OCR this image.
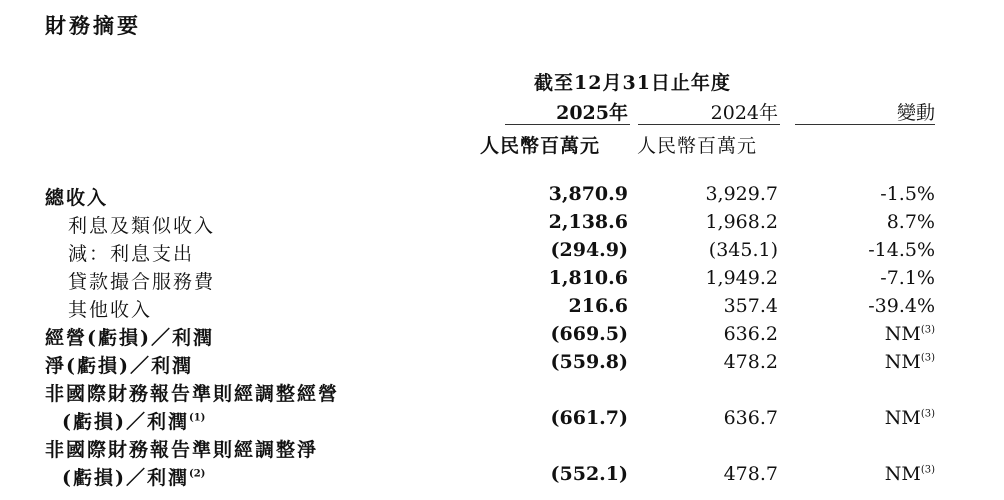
財務摘要
截至12月31日止年度
2025年	2024年	變動
人民幣百萬元 人民幣百萬元
總收入	3,870.9	3,929.7	-1.5%
利息及類似收入	2,138.6	1,968.2	8.7%
減：利息支出	(294.9)	(345.1)	-14.5%
貸款撮合服務費	1,810.6	1,949.2	-7.1%
其他收入	216.6	357.4	-39.4%
經營(虧損)／利潤	(669.5)	636.2	NM$^{(3)}$
淨(虧損)／利潤	(559.8)	478.2	NM$^{(3)}$
非國際財務報告準則經調整經營
(虧損)／利潤$^{(1)}$	(661.7)	636.7	NM$^{(3)}$
非國際財務報告準則經調整淨
(虧損)／利潤$^{(2)}$	(552.1)	478.7	NM$^{(3)}$
